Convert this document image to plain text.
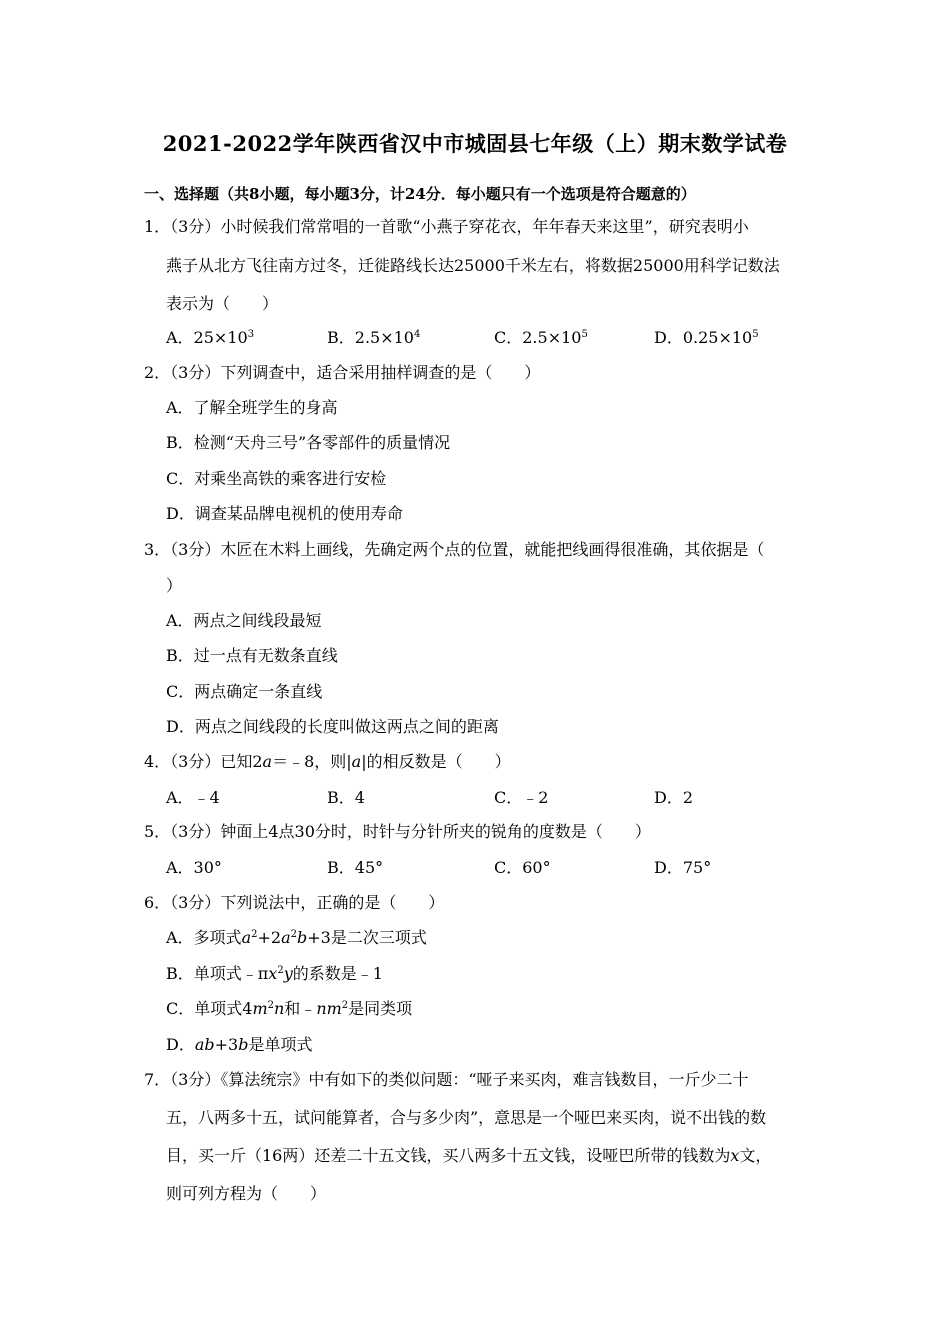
2021-2022学年陕西省汉中市城固县七年级（上）期末数学试卷
一、选择题（共8小题，每小题3分，计24分．每小题只有一个选项是符合题意的）
1．（3分）小时候我们常常唱的一首歌“小燕子穿花衣，年年春天来这里”，研究表明小
燕子从北方飞往南方过冬，迁徙路线长达25000千米左右，将数据25000用科学记数法
表示为（　　）
A．$25\times 10^3$	B．$2.5\times 10^4$	C．$2.5\times 10^5$	D．$0.25\times 10^5$
2．（3分）下列调查中，适合采用抽样调查的是（　　）
A．了解全班学生的身高
B．检测“天舟三号”各零部件的质量情况
C．对乘坐高铁的乘客进行安检
D．调查某品牌电视机的使用寿命
3．（3分）木匠在木料上画线，先确定两个点的位置，就能把线画得很准确，其依据是（
）
A．两点之间线段最短
B．过一点有无数条直线
C．两点确定一条直线
D．两点之间线段的长度叫做这两点之间的距离
4．（3分）已知2a＝﹣8，则|a|的相反数是（　　）
A．﹣4	B．4	C．﹣2	D．2
5．（3分）钟面上4点30分时，时针与分针所夹的锐角的度数是（　　）
A．30°	B．45°	C．60°	D．75°
6．（3分）下列说法中，正确的是（　　）
A．多项式$a^2+2a^2b+3$是二次三项式
B．单项式$﹣\pi x^2y$的系数是﹣1
C．单项式$4m^2n$和$﹣nm^2$是同类项
D．ab+3b是单项式
7．（3分）《算法统宗》中有如下的类似问题：“哑子来买肉，难言钱数目，一斤少二十
五，八两多十五，试问能算者，合与多少肉”，意思是一个哑巴来买肉，说不出钱的数
目，买一斤（16两）还差二十五文钱，买八两多十五文钱，设哑巴所带的钱数为x文，
则可列方程为（　　）
